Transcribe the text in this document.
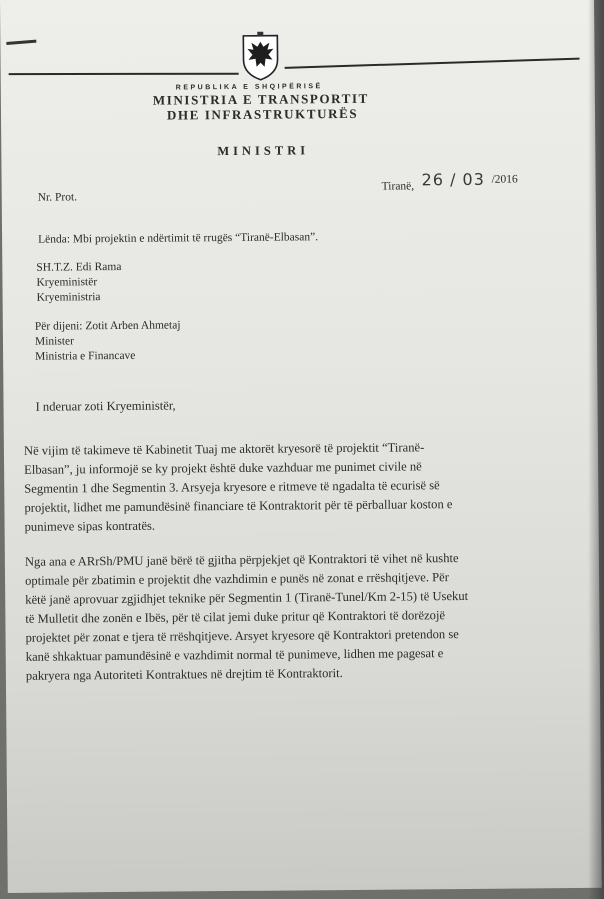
REPUBLIKA E SHQIPËRISË
MINISTRIA E TRANSPORTIT
DHE INFRASTRUKTURËS
MINISTRI
Nr. Prot.
Tiranë, 26 / 03 /2016
Lënda: Mbi projektin e ndërtimit të rrugës “Tiranë-Elbasan”.
SH.T.Z. Edi Rama
Kryeministër
Kryeministria
Për dijeni: Zotit Arben Ahmetaj
Minister
Ministria e Financave
I nderuar zoti Kryeministër,
Në vijim të takimeve të Kabinetit Tuaj me aktorët kryesorë të projektit “Tiranë-
Elbasan”, ju informojë se ky projekt është duke vazhduar me punimet civile në
Segmentin 1 dhe Segmentin 3. Arsyeja kryesore e ritmeve të ngadalta të ecurisë së
projektit, lidhet me pamundësinë financiare të Kontraktorit për të përballuar koston e
punimeve sipas kontratës.
Nga ana e ARrSh/PMU janë bërë të gjitha përpjekjet që Kontraktori të vihet në kushte
optimale për zbatimin e projektit dhe vazhdimin e punës në zonat e rrëshqitjeve. Për
këtë janë aprovuar zgjidhjet teknike për Segmentin 1 (Tiranë-Tunel/Km 2-15) të Usekut
të Mulletit dhe zonën e Ibës, për të cilat jemi duke pritur që Kontraktori të dorëzojë
projektet për zonat e tjera të rrëshqitjeve. Arsyet kryesore që Kontraktori pretendon se
kanë shkaktuar pamundësinë e vazhdimit normal të punimeve, lidhen me pagesat e
pakryera nga Autoriteti Kontraktues në drejtim të Kontraktorit.
